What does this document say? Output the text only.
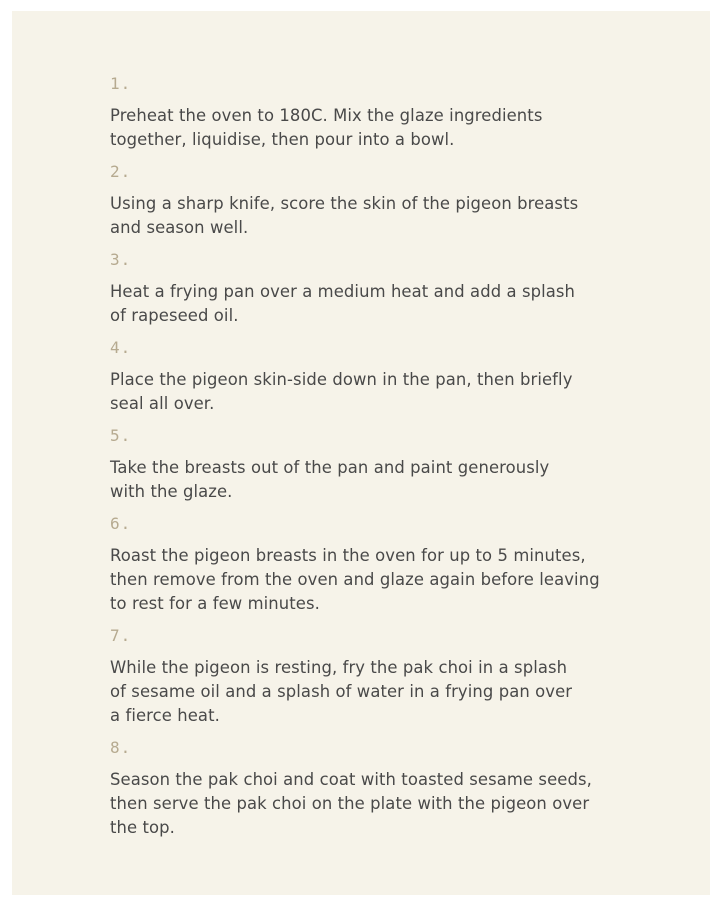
1.
Preheat the oven to 180C. Mix the glaze ingredients
together, liquidise, then pour into a bowl.
2.
Using a sharp knife, score the skin of the pigeon breasts
and season well.
3.
Heat a frying pan over a medium heat and add a splash
of rapeseed oil.
4.
Place the pigeon skin-side down in the pan, then briefly
seal all over.
5.
Take the breasts out of the pan and paint generously
with the glaze.
6.
Roast the pigeon breasts in the oven for up to 5 minutes,
then remove from the oven and glaze again before leaving
to rest for a few minutes.
7.
While the pigeon is resting, fry the pak choi in a splash
of sesame oil and a splash of water in a frying pan over
a fierce heat.
8.
Season the pak choi and coat with toasted sesame seeds,
then serve the pak choi on the plate with the pigeon over
the top.
